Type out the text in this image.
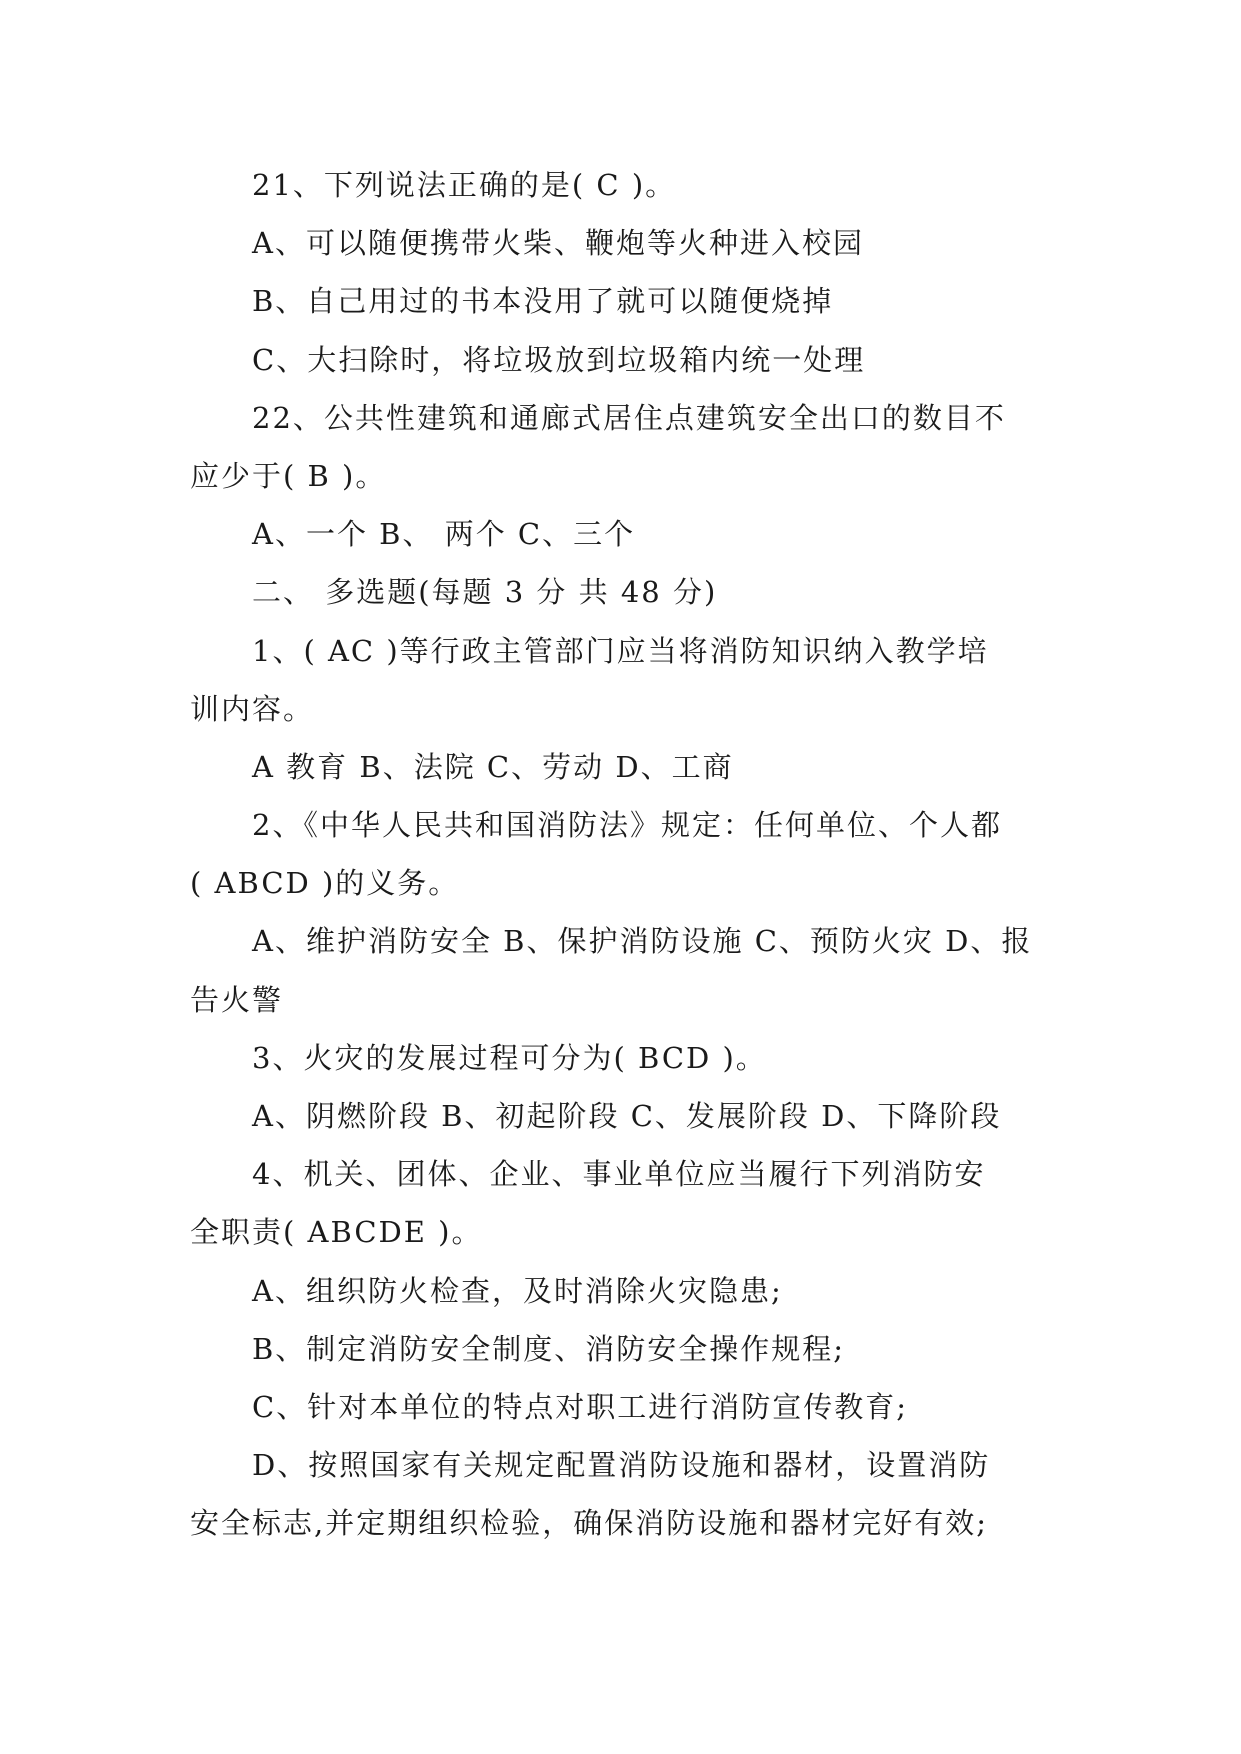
21、下列说法正确的是( C )。
A、可以随便携带火柴、鞭炮等火种进入校园
B、自己用过的书本没用了就可以随便烧掉
C、大扫除时，将垃圾放到垃圾箱内统一处理
22、公共性建筑和通廊式居住点建筑安全出口的数目不
应少于( B )。
A、一个 B、 两个 C、三个
二、 多选题(每题 3 分 共 48 分)
1、( AC )等行政主管部门应当将消防知识纳入教学培
训内容。
A 教育 B、法院 C、劳动 D、工商
2、《中华人民共和国消防法》规定：任何单位、个人都
( ABCD )的义务。
A、维护消防安全 B、保护消防设施 C、预防火灾 D、报
告火警
3、火灾的发展过程可分为( BCD )。
A、阴燃阶段 B、初起阶段 C、发展阶段 D、下降阶段
4、机关、团体、企业、事业单位应当履行下列消防安
全职责( ABCDE )。
A、组织防火检查，及时消除火灾隐患;
B、制定消防安全制度、消防安全操作规程;
C、针对本单位的特点对职工进行消防宣传教育;
D、按照国家有关规定配置消防设施和器材，设置消防
安全标志,并定期组织检验，确保消防设施和器材完好有效;
